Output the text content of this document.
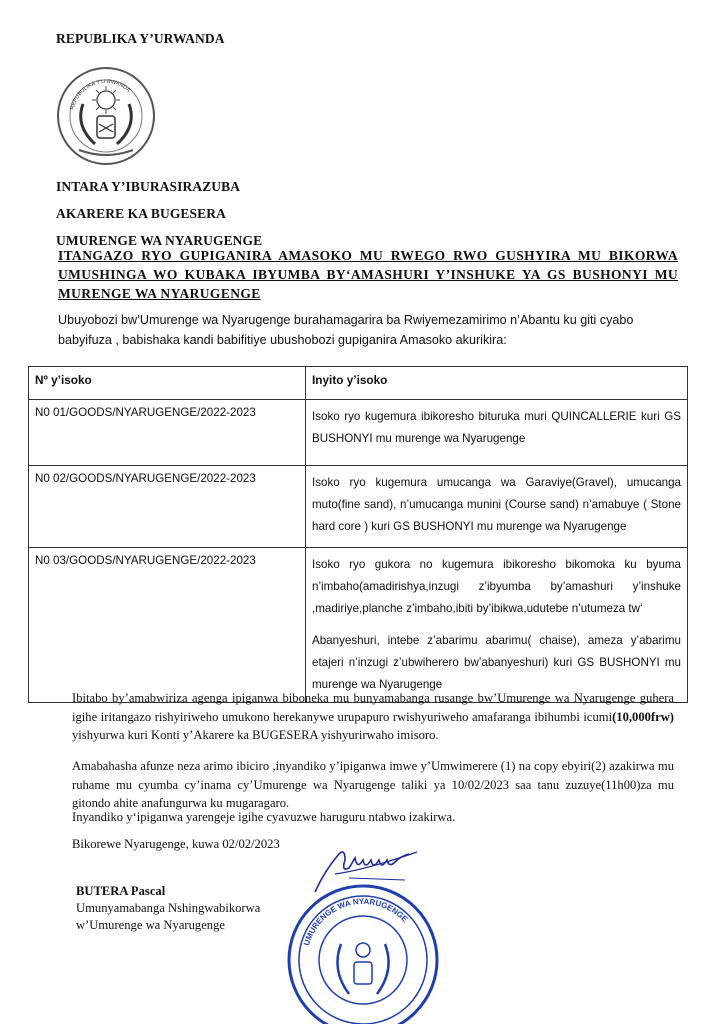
REPUBLIKA Y’URWANDA
REPUBULIKA Y'U RWANDA
INTARA Y’IBURASIRAZUBA
AKARERE KA BUGESERA
UMURENGE WA NYARUGENGE
ITANGAZO RYO GUPIGANIRA AMASOKO MU RWEGO RWO GUSHYIRA MU BIKORWA UMUSHINGA WO KUBAKA IBYUMBA BY‘AMASHURI Y’INSHUKE YA GS BUSHONYI MU MURENGE WA NYARUGENGE
Ubuyobozi bw’Umurenge wa Nyarugenge burahamagarira ba Rwiyemezamirimo n’Abantu ku giti cyabo babyifuza , babishaka kandi babifitiye ubushobozi gupiganira Amasoko akurikira:
Nº y’isoko	Inyito y’isoko
N0 01/GOODS/NYARUGENGE/2022-2023	Isoko ryo kugemura ibikoresho bituruka muri QUINCALLERIE kuri GS BUSHONYI mu murenge wa Nyarugenge

N0 02/GOODS/NYARUGENGE/2022-2023	Isoko ryo kugemura umucanga wa Garaviye(Gravel), umucanga muto(fine sand), n’umucanga munini (Course sand) n’amabuye ( Stone hard core ) kuri GS BUSHONYI mu murenge wa Nyarugenge

N0 03/GOODS/NYARUGENGE/2022-2023	Isoko ryo gukora no kugemura ibikoresho bikomoka ku byuma n’imbaho(amadirishya,inzugi z’ibyumba by’amashuri y’inshuke ,madiriye,planche z’imbaho,ibiti by’ibikwa,udutebe n’utumeza tw‘

Abanyeshuri, intebe z’abarimu abarimu( chaise), ameza y’abarimu etajeri n’inzugi z’ubwiherero bw’abanyeshuri) kuri GS BUSHONYI mu murenge wa Nyarugenge

Ibitabo by’amabwiriza agenga ipiganwa biboneka mu bunyamabanga rusange bw’Umurenge wa Nyarugenge guhera igihe iritangazo rishyiriweho umukono herekanywe urupapuro rwishyuriweho amafaranga ibihumbi icumi(10,000frw) yishyurwa kuri Konti y’Akarere ka BUGESERA yishyurirwaho imisoro.
Amabahasha afunze neza arimo ibiciro ,inyandiko y’ipiganwa imwe y’Umwimerere (1) na copy ebyiri(2) azakirwa mu ruhame mu cyumba cy’inama cy’Umurenge wa Nyarugenge taliki ya 10/02/2023 saa tanu zuzuye(11h00)za mu gitondo ahite anafungurwa ku mugaragaro.
Inyandiko y‘ipiganwa yarengeje igihe cyavuzwe haruguru ntabwo izakirwa.
Bikorewe Nyarugenge, kuwa 02/02/2023
UMURENGE WA NYARUGENGE
BUTERA Pascal
Umunyamabanga Nshingwabikorwa
w’Umurenge wa Nyarugenge
